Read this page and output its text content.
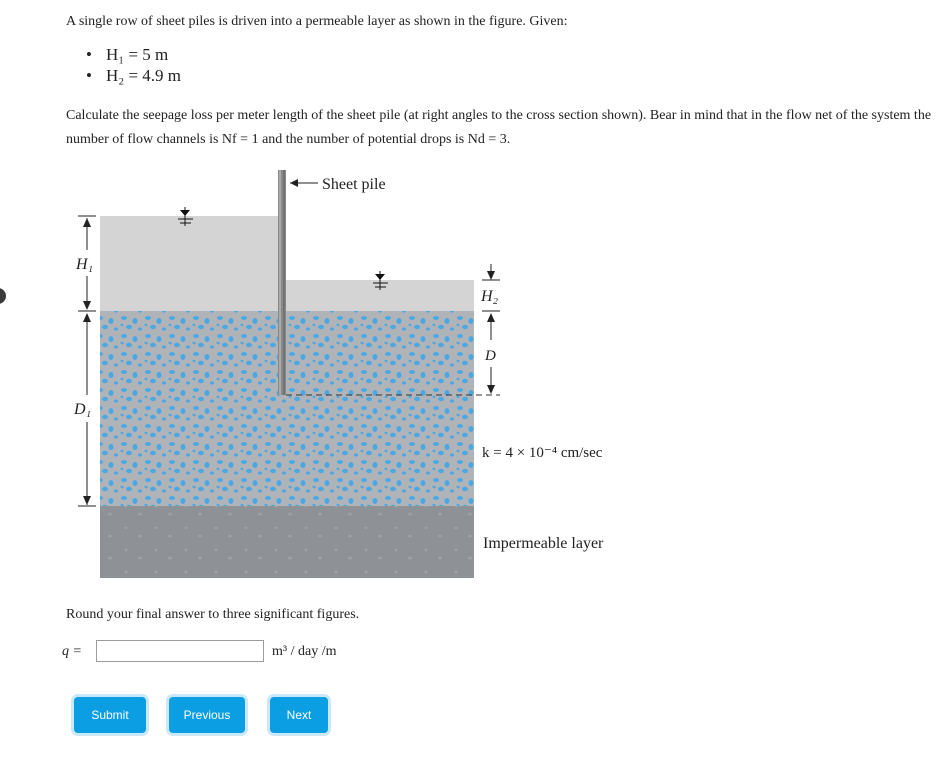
A single row of sheet piles is driven into a permeable layer as shown in the figure. Given:
• H₁ = 5 m
• H₂ = 4.9 m
Calculate the seepage loss per meter length of the sheet pile (at right angles to the cross section shown). Bear in mind that in the flow net of the system the number of flow channels is Nf = 1 and the number of potential drops is Nd = 3.
Sheet pile
H₁
D₁
H₂
D
k = 4 × 10⁻⁴ cm/sec
Impermeable layer
Round your final answer to three significant figures.
q =	m³ / day /m
Submit	Previous	Next
